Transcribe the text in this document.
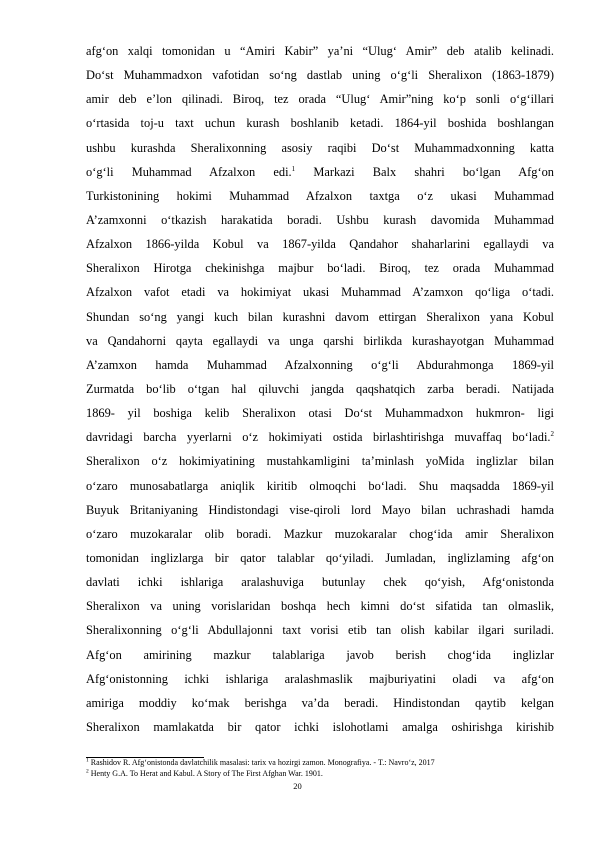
afg‘on xalqi tomonidan u “Amiri Kabir” ya’ni “Ulug‘ Amir” deb atalib kelinadi.
Do‘st Muhammadxon vafotidan so‘ng dastlab uning o‘g‘li Sheralixon (1863-1879)
amir deb e’lon qilinadi. Biroq, tez orada “Ulug‘ Amir”ning ko‘p sonli o‘g‘illari
o‘rtasida toj-u taxt uchun kurash boshlanib ketadi. 1864-yil boshida boshlangan
ushbu kurashda Sheralixonning asosiy raqibi Do‘st Muhammadxonning katta
o‘g‘li Muhammad Afzalxon edi.$^1$ Markazi Balx shahri bo‘lgan Afg‘on
Turkistonining hokimi Muhammad Afzalxon taxtga o‘z ukasi Muhammad
A’zamxonni o‘tkazish harakatida boradi. Ushbu kurash davomida Muhammad
Afzalxon 1866-yilda Kobul va 1867-yilda Qandahor shaharlarini egallaydi va
Sheralixon Hirotga chekinishga majbur bo‘ladi. Biroq, tez orada Muhammad
Afzalxon vafot etadi va hokimiyat ukasi Muhammad A’zamxon qo‘liga o‘tadi.
Shundan so‘ng yangi kuch bilan kurashni davom ettirgan Sheralixon yana Kobul
va Qandahorni qayta egallaydi va unga qarshi birlikda kurashayotgan Muhammad
A’zamxon hamda Muhammad Afzalxonning o‘g‘li Abdurahmonga 1869-yil
Zurmatda bo‘lib o‘tgan hal qiluvchi jangda qaqshatqich zarba beradi. Natijada
1869- yil boshiga kelib Sheralixon otasi Do‘st Muhammadxon hukmron- ligi
davridagi barcha yyerlarni o‘z hokimiyati ostida birlashtirishga muvaffaq bo‘ladi.$^2$
Sheralixon o‘z hokimiyatining mustahkamligini ta’minlash yoMida inglizlar bilan
o‘zaro munosabatlarga aniqlik kiritib olmoqchi bo‘ladi. Shu maqsadda 1869-yil
Buyuk Britaniyaning Hindistondagi vise-qiroli lord Mayo bilan uchrashadi hamda
o‘zaro muzokaralar olib boradi. Mazkur muzokaralar chog‘ida amir Sheralixon
tomonidan inglizlarga bir qator talablar qo‘yiladi. Jumladan, inglizlaming afg‘on
davlati ichki ishlariga aralashuviga butunlay chek qo‘yish, Afg‘onistonda
Sheralixon va uning vorislaridan boshqa hech kimni do‘st sifatida tan olmaslik,
Sheralixonning o‘g‘li Abdullajonni taxt vorisi etib tan olish kabilar ilgari suriladi.
Afg‘on amirining mazkur talablariga javob berish chog‘ida inglizlar
Afg‘onistonning ichki ishlariga aralashmaslik majburiyatini oladi va afg‘on
amiriga moddiy ko‘mak berishga va’da beradi. Hindistondan qaytib kelgan
Sheralixon mamlakatda bir qator ichki islohotlami amalga oshirishga kirishib
$^1$ Rashidov R. Afg‘onistonda davlatchilik masalasi: tarix va hozirgi zamon. Monografiya. - T.: Navro‘z, 2017
$^2$ Henty G.A. To Herat and Kabul. A Story of The First Afghan War. 1901.
20
